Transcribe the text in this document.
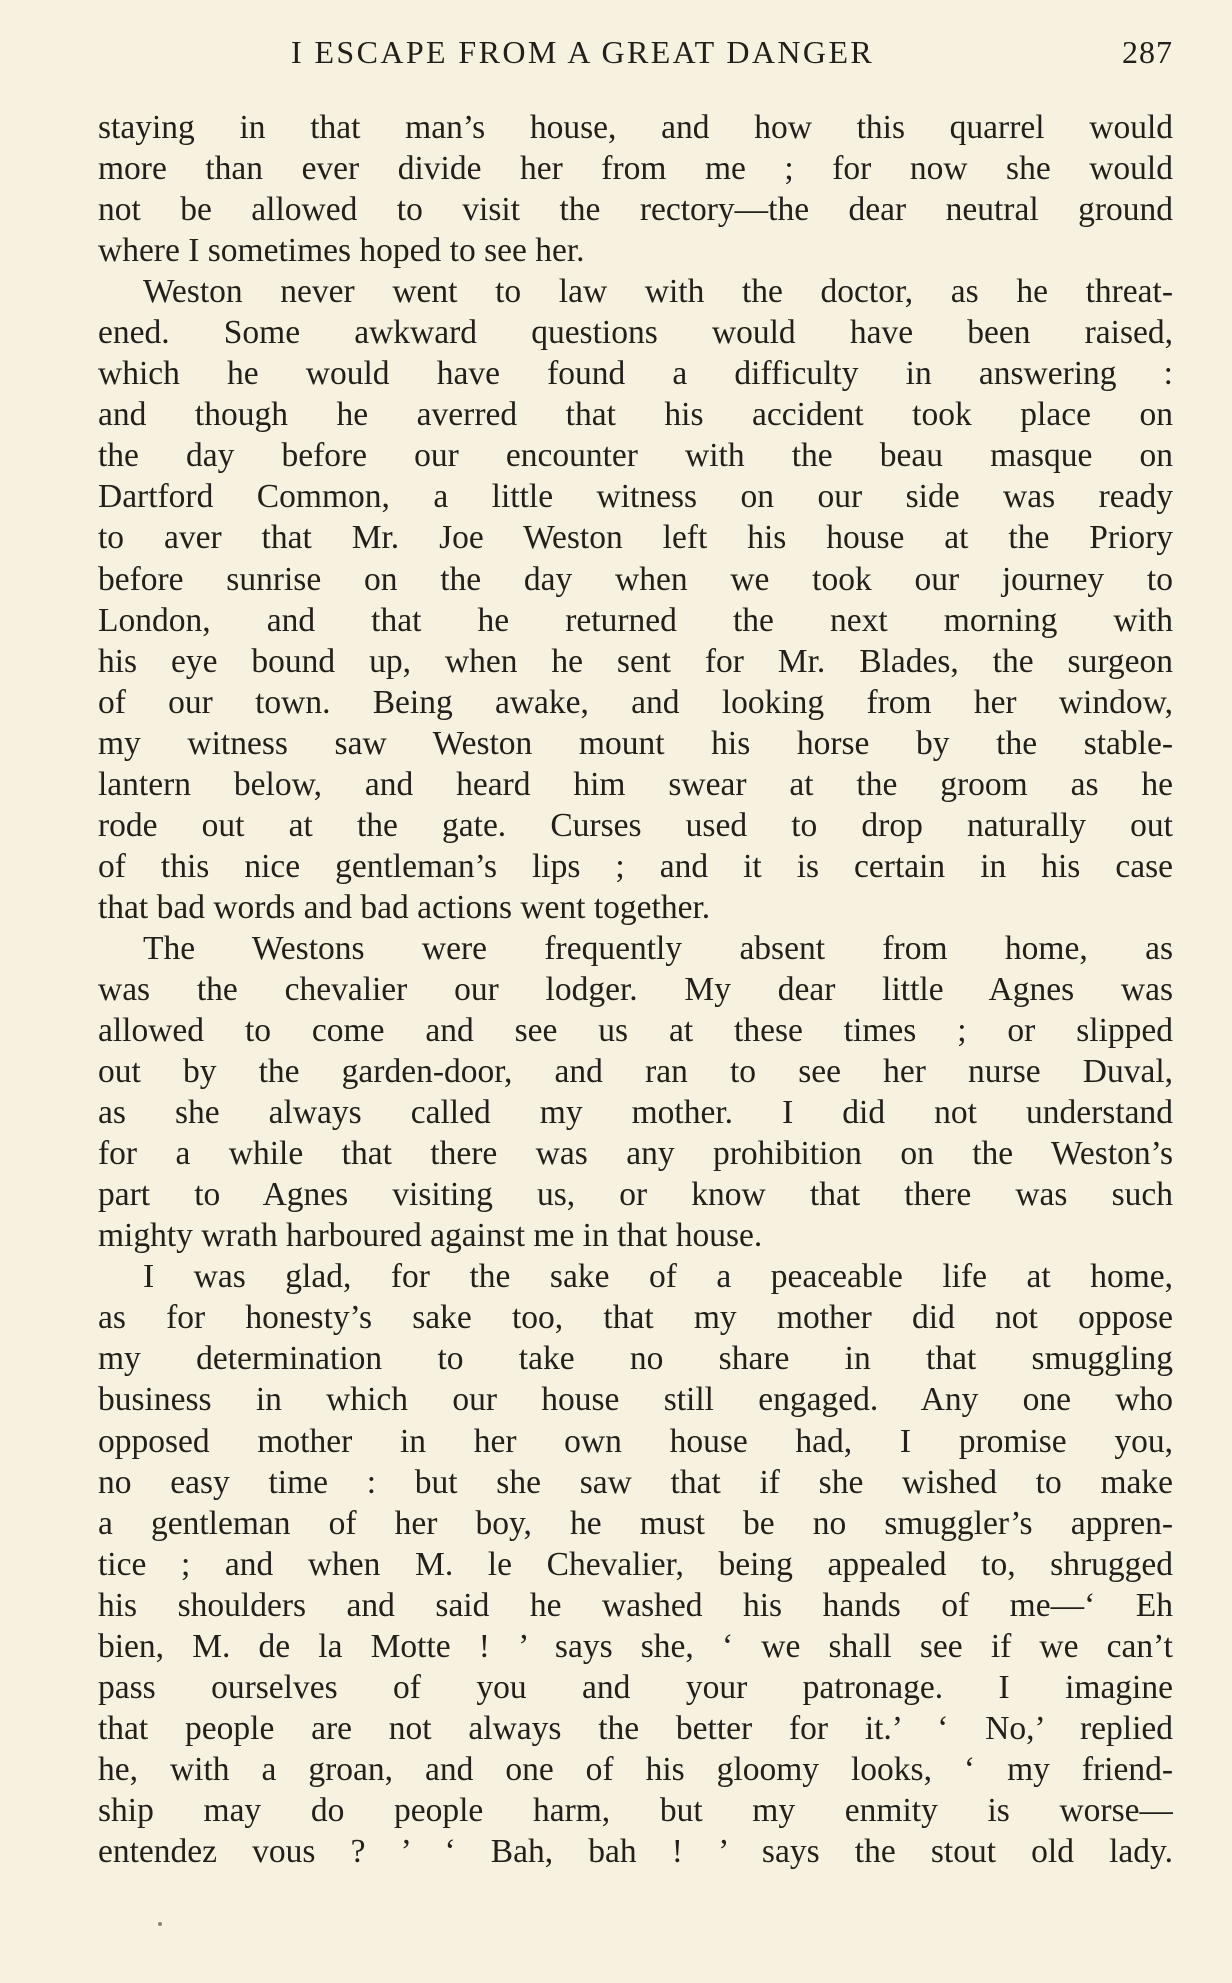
I ESCAPE FROM A GREAT DANGER	287
staying in that man’s house, and how this quarrel would
more than ever divide her from me ; for now she would
not be allowed to visit the rectory—the dear neutral ground
where I sometimes hoped to see her.
Weston never went to law with the doctor, as he threat-
ened. Some awkward questions would have been raised,
which he would have found a difficulty in answering :
and though he averred that his accident took place on
the day before our encounter with the beau masque on
Dartford Common, a little witness on our side was ready
to aver that Mr. Joe Weston left his house at the Priory
before sunrise on the day when we took our journey to
London, and that he returned the next morning with
his eye bound up, when he sent for Mr. Blades, the surgeon
of our town. Being awake, and looking from her window,
my witness saw Weston mount his horse by the stable-
lantern below, and heard him swear at the groom as he
rode out at the gate. Curses used to drop naturally out
of this nice gentleman’s lips ; and it is certain in his case
that bad words and bad actions went together.
The Westons were frequently absent from home, as
was the chevalier our lodger. My dear little Agnes was
allowed to come and see us at these times ; or slipped
out by the garden-door, and ran to see her nurse Duval,
as she always called my mother. I did not understand
for a while that there was any prohibition on the Weston’s
part to Agnes visiting us, or know that there was such
mighty wrath harboured against me in that house.
I was glad, for the sake of a peaceable life at home,
as for honesty’s sake too, that my mother did not oppose
my determination to take no share in that smuggling
business in which our house still engaged. Any one who
opposed mother in her own house had, I promise you,
no easy time : but she saw that if she wished to make
a gentleman of her boy, he must be no smuggler’s appren-
tice ; and when M. le Chevalier, being appealed to, shrugged
his shoulders and said he washed his hands of me—‘ Eh
bien, M. de la Motte ! ’ says she, ‘ we shall see if we can’t
pass ourselves of you and your patronage. I imagine
that people are not always the better for it.’ ‘ No,’ replied
he, with a groan, and one of his gloomy looks, ‘ my friend-
ship may do people harm, but my enmity is worse—
entendez vous ? ’ ‘ Bah, bah ! ’ says the stout old lady.
